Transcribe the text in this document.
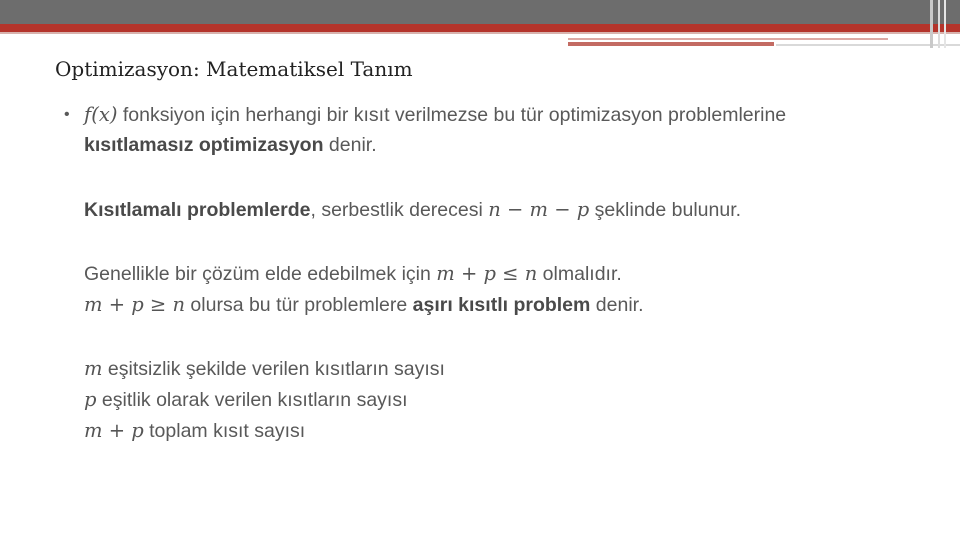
Optimizasyon: Matematiksel Tanım
• f(x) fonksiyon için herhangi bir kısıt verilmezse bu tür optimizasyon problemlerine
kısıtlamasız optimizasyon denir.
Kısıtlamalı problemlerde, serbestlik derecesi n − m − p şeklinde bulunur.
Genellikle bir çözüm elde edebilmek için m + p ≤ n olmalıdır.
m + p ≥ n olursa bu tür problemlere aşırı kısıtlı problem denir.
m eşitsizlik şekilde verilen kısıtların sayısı
p eşitlik olarak verilen kısıtların sayısı
m + p toplam kısıt sayısı
